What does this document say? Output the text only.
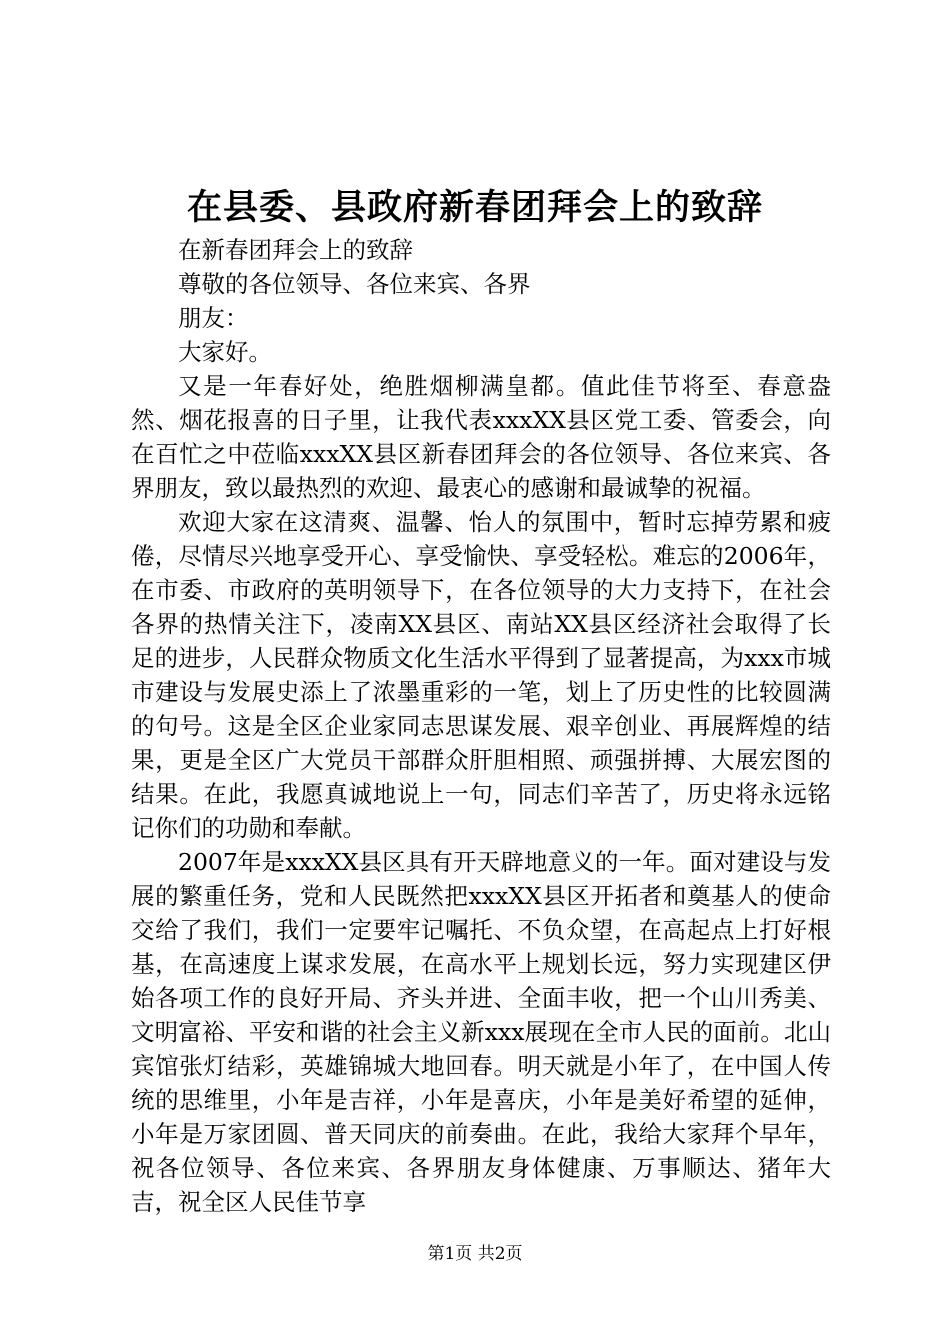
在县委、县政府新春团拜会上的致辞

在新春团拜会上的致辞

尊敬的各位领导、各位来宾、各界

朋友：

大家好。

又是一年春好处，绝胜烟柳满皇都。值此佳节将至、春意盎然、烟花报喜的日子里，让我代表xxxXX县区党工委、管委会，向在百忙之中莅临xxxXX县区新春团拜会的各位领导、各位来宾、各界朋友，致以最热烈的欢迎、最衷心的感谢和最诚挚的祝福。

欢迎大家在这清爽、温馨、怡人的氛围中，暂时忘掉劳累和疲倦，尽情尽兴地享受开心、享受愉快、享受轻松。难忘的2006年，在市委、市政府的英明领导下，在各位领导的大力支持下，在社会各界的热情关注下，凌南XX县区、南站XX县区经济社会取得了长足的进步，人民群众物质文化生活水平得到了显著提高，为xxx市城市建设与发展史添上了浓墨重彩的一笔，划上了历史性的比较圆满的句号。这是全区企业家同志思谋发展、艰辛创业、再展辉煌的结果，更是全区广大党员干部群众肝胆相照、顽强拼搏、大展宏图的结果。在此，我愿真诚地说上一句，同志们辛苦了，历史将永远铭记你们的功勋和奉献。

2007年是xxxXX县区具有开天辟地意义的一年。面对建设与发展的繁重任务，党和人民既然把xxxXX县区开拓者和奠基人的使命交给了我们，我们一定要牢记嘱托、不负众望，在高起点上打好根基，在高速度上谋求发展，在高水平上规划长远，努力实现建区伊始各项工作的良好开局、齐头并进、全面丰收，把一个山川秀美、文明富裕、平安和谐的社会主义新xxx展现在全市人民的面前。北山宾馆张灯结彩，英雄锦城大地回春。明天就是小年了，在中国人传统的思维里，小年是吉祥，小年是喜庆，小年是美好希望的延伸，小年是万家团圆、普天同庆的前奏曲。在此，我给大家拜个早年，祝各位领导、各位来宾、各界朋友身体健康、万事顺达、猪年大吉，祝全区人民佳节享

第1页 共2页
